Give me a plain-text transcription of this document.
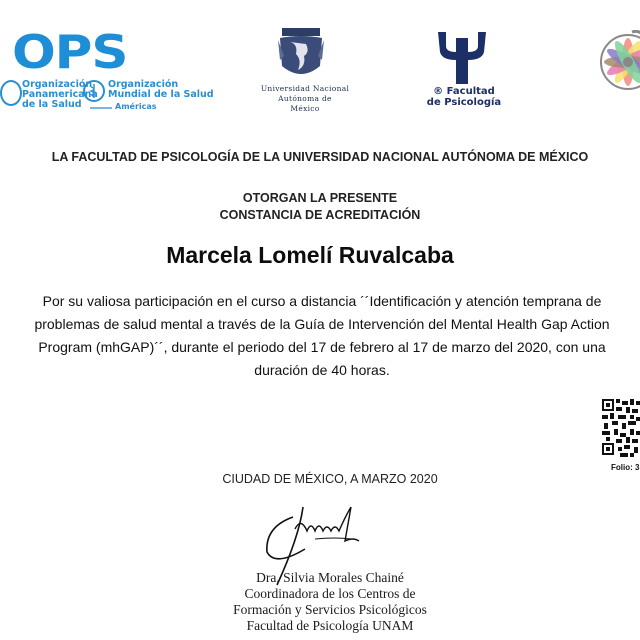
OPS
Organización
Panamericana
de la Salud
Organización
Mundial de la Salud
Américas
Universidad Nacional
Autónoma de
México
® Facultad
de Psicología
LA FACULTAD DE PSICOLOGÍA DE LA UNIVERSIDAD NACIONAL AUTÓNOMA DE MÉXICO
OTORGAN LA PRESENTE
CONSTANCIA DE ACREDITACIÓN
Marcela Lomelí Ruvalcaba
Por su valiosa participación en el curso a distancia ´´Identificación y atención temprana de problemas de salud mental a través de la Guía de Intervención del Mental Health Gap Action Program (mhGAP)´´, durante el periodo del 17 de febrero al 17 de marzo del 2020, con una duración de 40 horas.
Folio: 3
CIUDAD DE MÉXICO, A MARZO 2020
Dra. Silvia Morales Chainé
Coordinadora de los Centros de
Formación y Servicios Psicológicos
Facultad de Psicología UNAM
